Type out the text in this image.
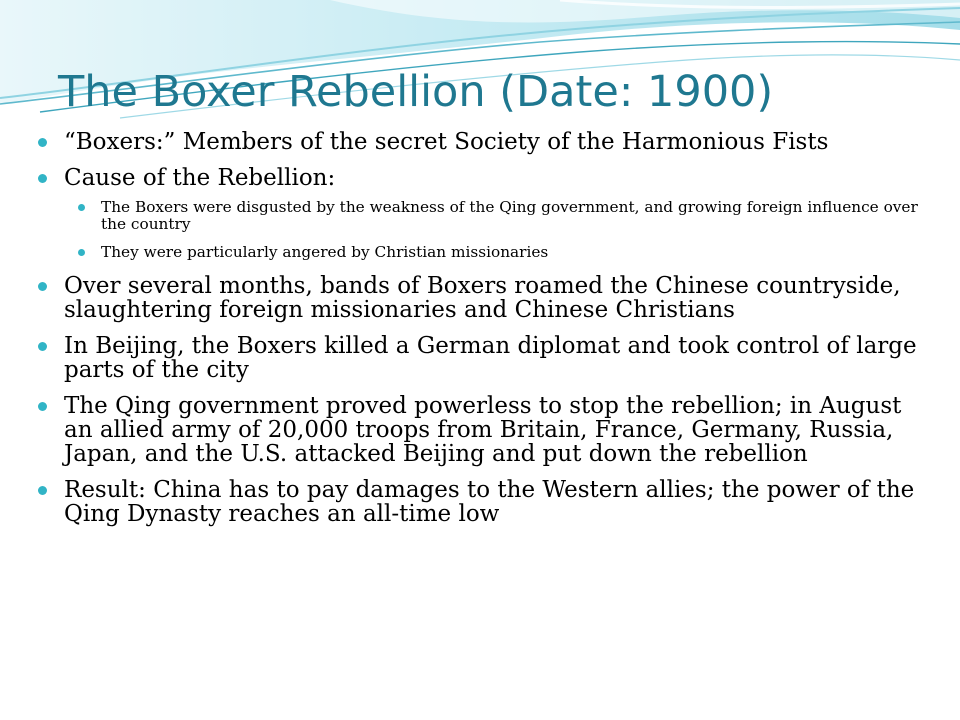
The Boxer Rebellion (Date: 1900)
“Boxers:” Members of the secret Society of the Harmonious Fists
Cause of the Rebellion:
The Boxers were disgusted by the weakness of the Qing government, and growing foreign influence over the country
They were particularly angered by Christian missionaries
Over several months, bands of Boxers roamed the Chinese countryside, slaughtering foreign missionaries and Chinese Christians
In Beijing, the Boxers killed a German diplomat and took control of large parts of the city
The Qing government proved powerless to stop the rebellion; in August an allied army of 20,000 troops from Britain, France, Germany, Russia, Japan, and the U.S. attacked Beijing and put down the rebellion
Result: China has to pay damages to the Western allies; the power of the Qing Dynasty reaches an all-time low
